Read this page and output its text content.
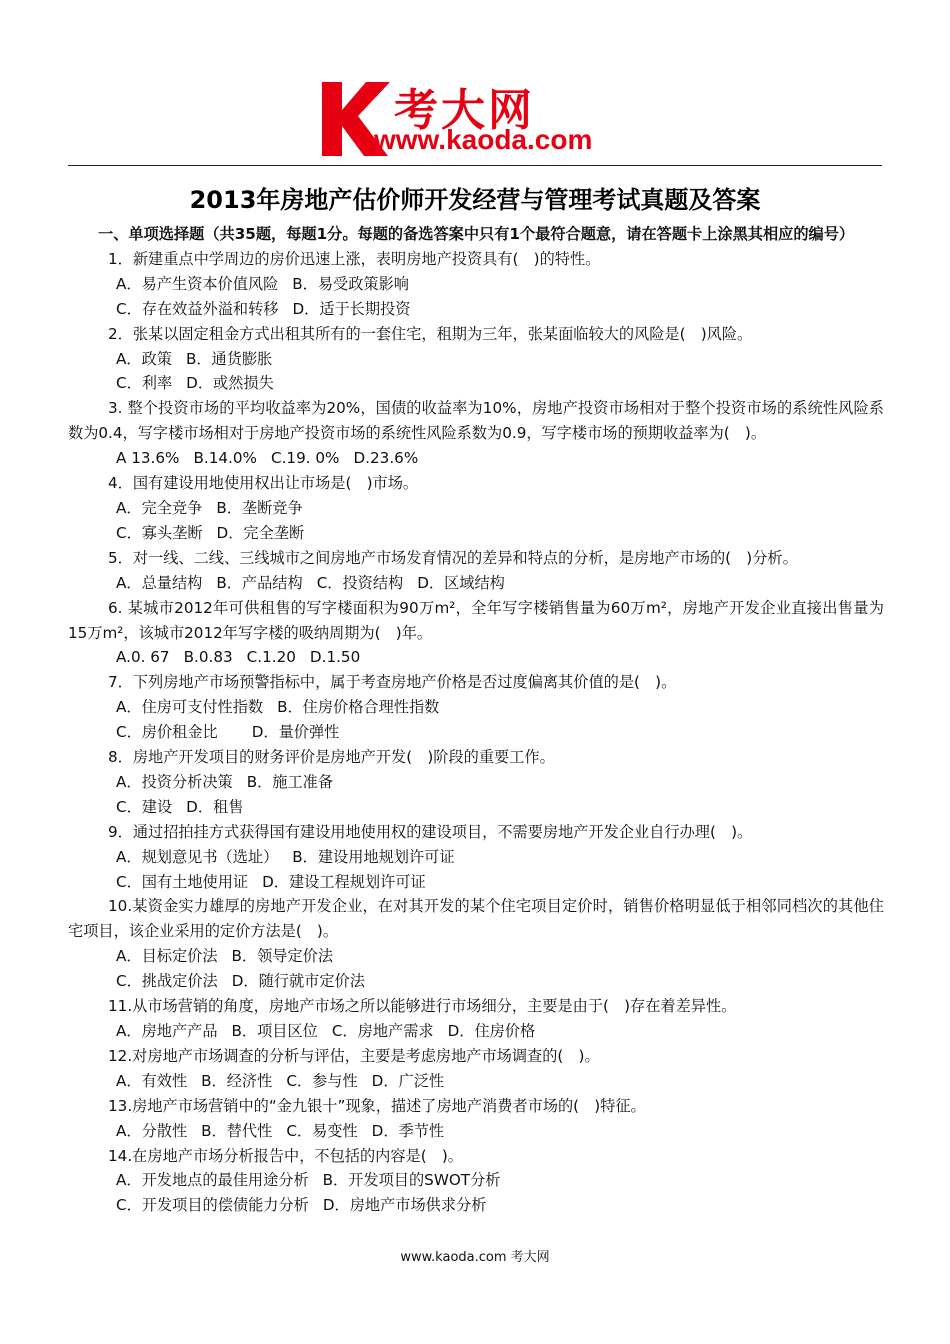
考大网
www.kaoda.com
2013年房地产估价师开发经营与管理考试真题及答案

一、单项选择题（共35题，每题1分。每题的备选答案中只有1个最符合题意，请在答题卡上涂黑其相应的编号）

1．新建重点中学周边的房价迅速上涨，表明房地产投资具有(　)的特性。

A．易产生资本价值风险 B．易受政策影响

C．存在效益外溢和转移 D．适于长期投资

2．张某以固定租金方式出租其所有的一套住宅，租期为三年，张某面临较大的风险是(　)风险。

A．政策 B．通货膨胀

C．利率 D．或然损失

3. 整个投资市场的平均收益率为20%，国债的收益率为10%，房地产投资市场相对于整个投资市场的系统性风险系数为0.4，写字楼市场相对于房地产投资市场的系统性风险系数为0.9，写字楼市场的预期收益率为(　)。

A 13.6% B.14.0% C.19. 0% D.23.6%

4．国有建设用地使用权出让市场是(　)市场。

A．完全竞争 B．垄断竞争

C．寡头垄断 D．完全垄断

5．对一线、二线、三线城市之间房地产市场发育情况的差异和特点的分析，是房地产市场的(　)分析。

A．总量结构 B．产品结构 C．投资结构 D．区域结构

6. 某城市2012年可供租售的写字楼面积为90万m²，全年写字楼销售量为60万m²，房地产开发企业直接出售量为15万m²，该城市2012年写字楼的吸纳周期为(　)年。

A.0. 67 B.0.83 C.1.20 D.1.50

7．下列房地产市场预警指标中，属于考查房地产价格是否过度偏离其价值的是(　)。

A．住房可支付性指数 B．住房价格合理性指数

C．房价租金比 D．量价弹性

8．房地产开发项目的财务评价是房地产开发(　)阶段的重要工作。

A．投资分析决策 B．施工准备

C．建设 D．租售

9．通过招拍挂方式获得国有建设用地使用权的建设项目，不需要房地产开发企业自行办理(　)。

A．规划意见书（选址） B．建设用地规划许可证

C．国有土地使用证 D．建设工程规划许可证

10.某资金实力雄厚的房地产开发企业，在对其开发的某个住宅项目定价时，销售价格明显低于相邻同档次的其他住宅项目，该企业采用的定价方法是(　)。

A．目标定价法 B．领导定价法

C．挑战定价法 D．随行就市定价法

11.从市场营销的角度，房地产市场之所以能够进行市场细分，主要是由于(　)存在着差异性。

A．房地产产品 B．项目区位 C．房地产需求 D．住房价格

12.对房地产市场调查的分析与评估，主要是考虑房地产市场调查的(　)。

A．有效性 B．经济性 C．参与性 D．广泛性

13.房地产市场营销中的“金九银十”现象，描述了房地产消费者市场的(　)特征。

A．分散性 B．替代性 C．易变性 D．季节性

14.在房地产市场分析报告中，不包括的内容是(　)。

A．开发地点的最佳用途分析 B．开发项目的SWOT分析

C．开发项目的偿债能力分析 D．房地产市场供求分析

www.kaoda.com 考大网
